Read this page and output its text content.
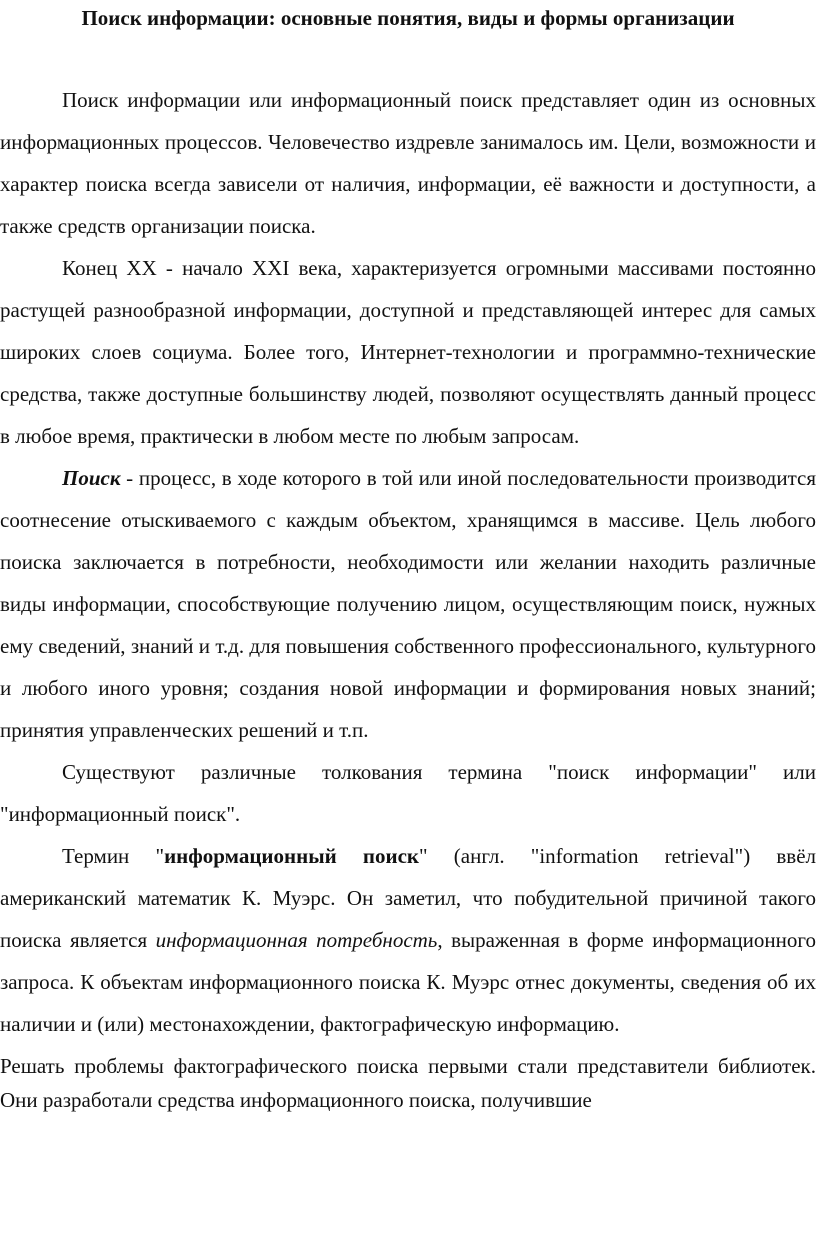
Поиск информации: основные понятия, виды и формы организации

Поиск информации или информационный поиск представляет один из основных информационных процессов. Человечество издревле занималось им. Цели, возможности и характер поиска всегда зависели от наличия, информации, её важности и доступности, а также средств организации поиска.

Конец XX - начало XXI века, характеризуется огромными массивами постоянно растущей разнообразной информации, доступной и представляющей интерес для самых широких слоев социума. Более того, Интернет-технологии и программно-технические средства, также доступные большинству людей, позволяют осуществлять данный процесс в любое время, практически в любом месте по любым запросам.

Поиск - процесс, в ходе которого в той или иной последовательности производится соотнесение отыскиваемого с каждым объектом, хранящимся в массиве. Цель любого поиска заключается в потребности, необходимости или желании находить различные виды информации, способствующие получению лицом, осуществляющим поиск, нужных ему сведений, знаний и т.д. для повышения собственного профессионального, культурного и любого иного уровня; создания новой информации и формирования новых знаний; принятия управленческих решений и т.п.

Существуют различные толкования термина "поиск информации" или "информационный поиск".

Термин "информационный поиск" (англ. "information retrieval") ввёл американский математик К. Муэрс. Он заметил, что побудительной причиной такого поиска является информационная потребность, выраженная в форме информационного запроса. К объектам информационного поиска К. Муэрс отнес документы, сведения об их наличии и (или) местонахождении, фактографическую информацию.

Решать проблемы фактографического поиска первыми стали представители библиотек. Они разработали средства информационного поиска, получившие
